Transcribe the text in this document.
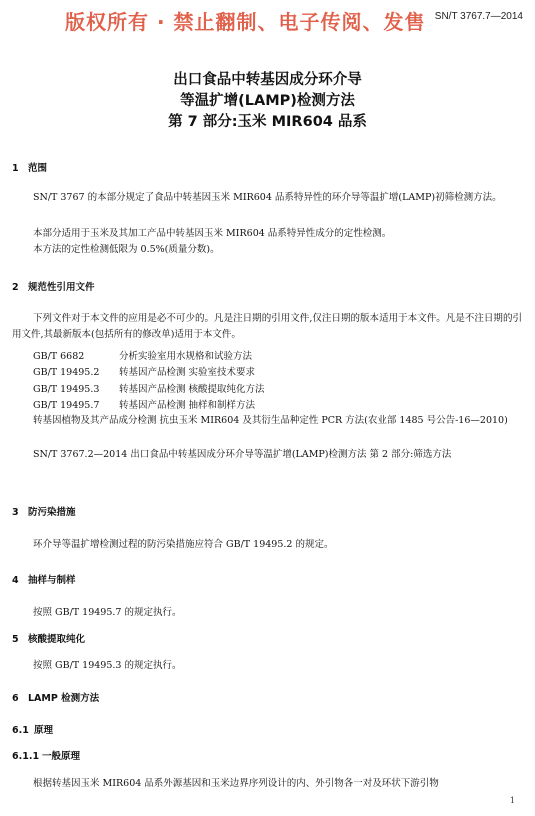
版权所有 · 禁止翻制、电子传阅、发售 SN/T 3767.7—2014
出口食品中转基因成分环介导
等温扩增(LAMP)检测方法
第 7 部分:玉米 MIR604 品系
1 范围
SN/T 3767 的本部分规定了食品中转基因玉米 MIR604 品系特异性的环介导等温扩增(LAMP)初筛检测方法。
本部分适用于玉米及其加工产品中转基因玉米 MIR604 品系特异性成分的定性检测。
本方法的定性检测低限为 0.5%(质量分数)。
2 规范性引用文件
下列文件对于本文件的应用是必不可少的。凡是注日期的引用文件,仅注日期的版本适用于本文件。凡是不注日期的引用文件,其最新版本(包括所有的修改单)适用于本文件。
GB/T 6682	分析实验室用水规格和试验方法
GB/T 19495.2 转基因产品检测 实验室技术要求
GB/T 19495.3 转基因产品检测 核酸提取纯化方法
GB/T 19495.7 转基因产品检测 抽样和制样方法
转基因植物及其产品成分检测 抗虫玉米 MIR604 及其衍生品种定性 PCR 方法(农业部 1485 号公告-16—2010)
SN/T 3767.2—2014 出口食品中转基因成分环介导等温扩增(LAMP)检测方法 第 2 部分:筛选方法
3 防污染措施
环介导等温扩增检测过程的防污染措施应符合 GB/T 19495.2 的规定。
4 抽样与制样
按照 GB/T 19495.7 的规定执行。
5 核酸提取纯化
按照 GB/T 19495.3 的规定执行。
6 LAMP 检测方法
6.1 原理
6.1.1 一般原理
根据转基因玉米 MIR604 品系外源基因和玉米边界序列设计的内、外引物各一对及环状下游引物
1
